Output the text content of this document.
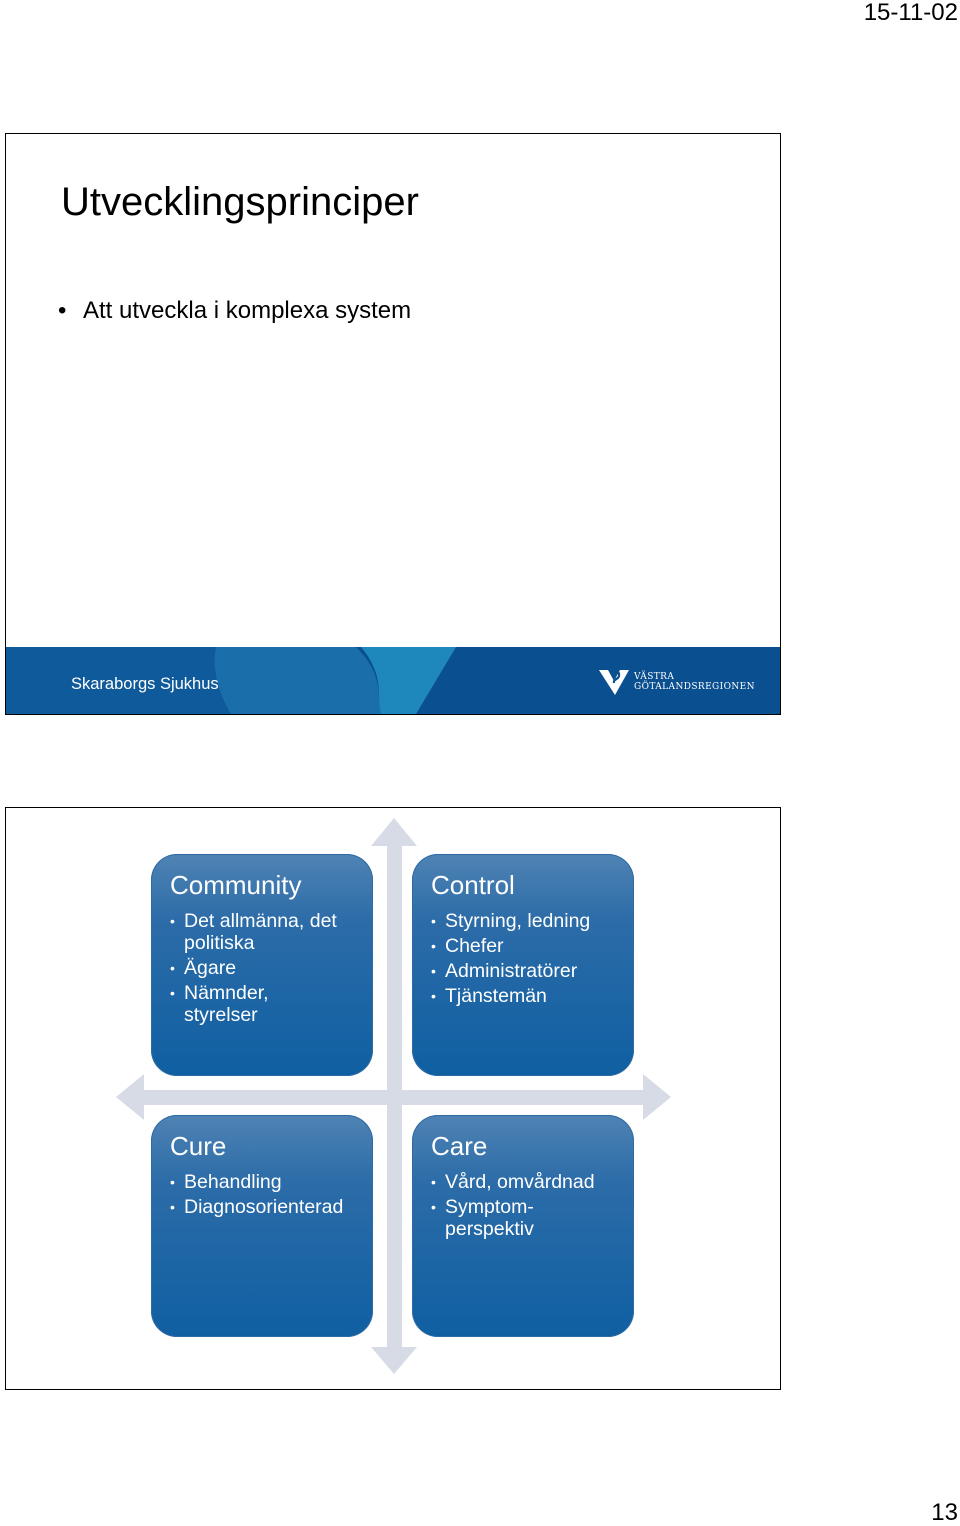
15-11-02
Utvecklingsprinciper
• Att utveckla i komplexa system
Skaraborgs Sjukhus	VÄSTRA
GÖTALANDSREGIONEN
Community
• Det allmänna, det politiska
• Ägare
• Nämnder, styrelser
Control
• Styrning, ledning
• Chefer
• Administratörer
• Tjänstemän
Cure
• Behandling
• Diagnosorienterad
Care
• Vård, omvårdnad
• Symptom-perspektiv
13
